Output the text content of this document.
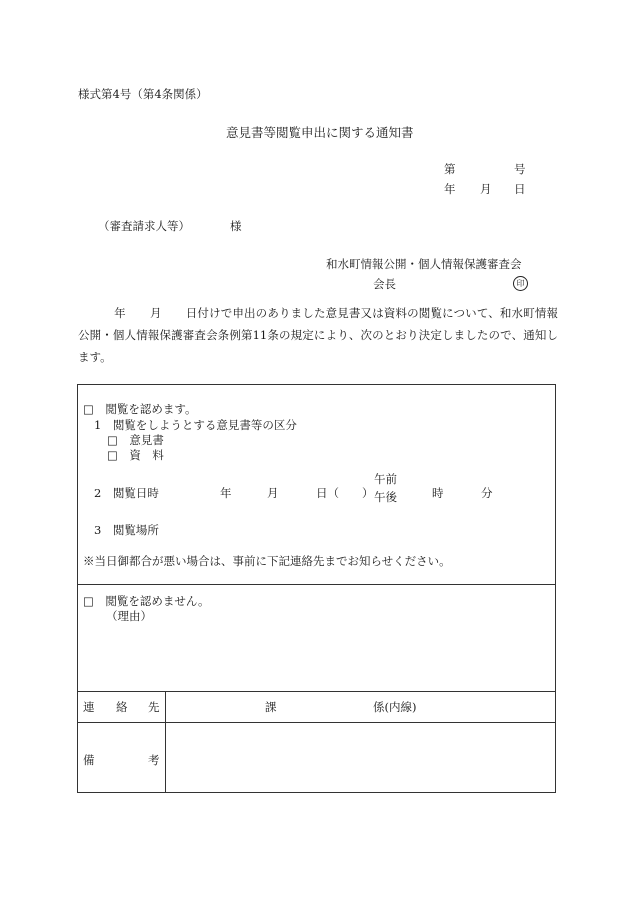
様式第4号（第4条関係）
意見書等閲覧申出に関する通知書
第	号
年 月 日
（審査請求人等）	様
和水町情報公開・個人情報保護審査会
会長	印
年 月 日付けで申出のありました意見書又は資料の閲覧について、和水町情報公開・個人情報保護審査会条例第11条の規定により、次のとおり決定しましたので、通知します。
□　閲覧を認めます。
1　閲覧をしようとする意見書等の区分
□　意見書
□　資　料
2　閲覧日時	年	月	日（　　）
午前
午後	時	分
3　閲覧場所
※当日御都合が悪い場合は、事前に下記連絡先までお知らせください。
□　閲覧を認めません。
（理由）
連 絡 先	課	係(内線)
備	考
